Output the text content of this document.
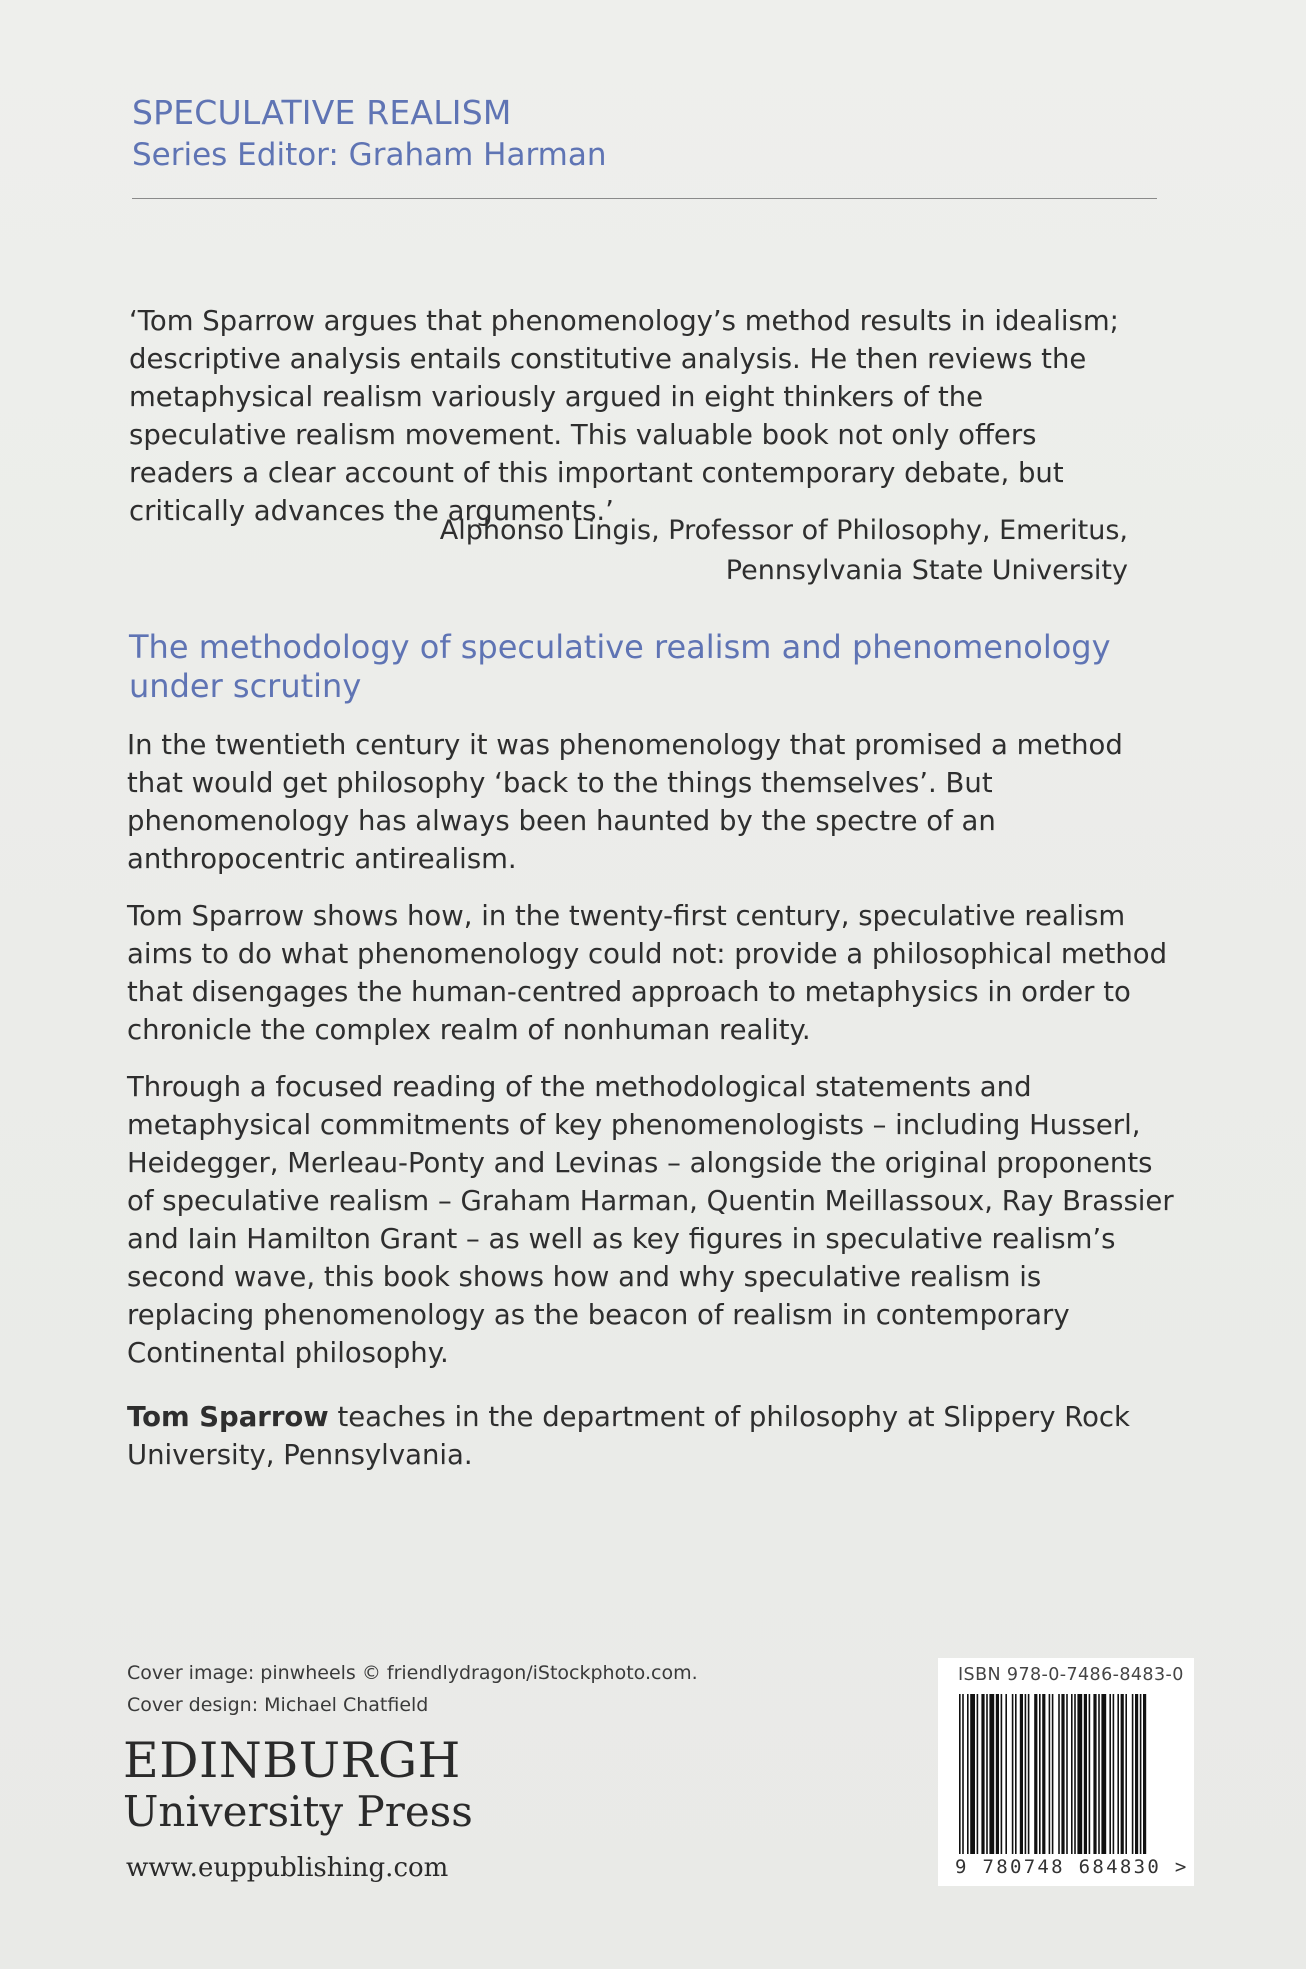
SPECULATIVE REALISM
Series Editor: Graham Harman
‘Tom Sparrow argues that phenomenology’s method results in idealism; descriptive analysis entails constitutive analysis. He then reviews the metaphysical realism variously argued in eight thinkers of the speculative realism movement. This valuable book not only offers readers a clear account of this important contemporary debate, but critically advances the arguments.’
Alphonso Lingis, Professor of Philosophy, Emeritus,
Pennsylvania State University
The methodology of speculative realism and phenomenology under scrutiny

In the twentieth century it was phenomenology that promised a method that would get philosophy ‘back to the things themselves’. But phenomenology has always been haunted by the spectre of an anthropocentric antirealism.

Tom Sparrow shows how, in the twenty-first century, speculative realism aims to do what phenomenology could not: provide a philosophical method that disengages the human-centred approach to metaphysics in order to chronicle the complex realm of nonhuman reality.

Through a focused reading of the methodological statements and metaphysical commitments of key phenomenologists – including Husserl, Heidegger, Merleau-Ponty and Levinas – alongside the original proponents of speculative realism – Graham Harman, Quentin Meillassoux, Ray Brassier and Iain Hamilton Grant – as well as key figures in speculative realism’s second wave, this book shows how and why speculative realism is replacing phenomenology as the beacon of realism in contemporary Continental philosophy.

Tom Sparrow teaches in the department of philosophy at Slippery Rock University, Pennsylvania.

Cover image: pinwheels © friendlydragon/iStockphoto.com.
Cover design: Michael Chatfield
EDINBURGH
University Press
www.euppublishing.com
ISBN 978-0-7486-8483-0
9 780748 684830 >
